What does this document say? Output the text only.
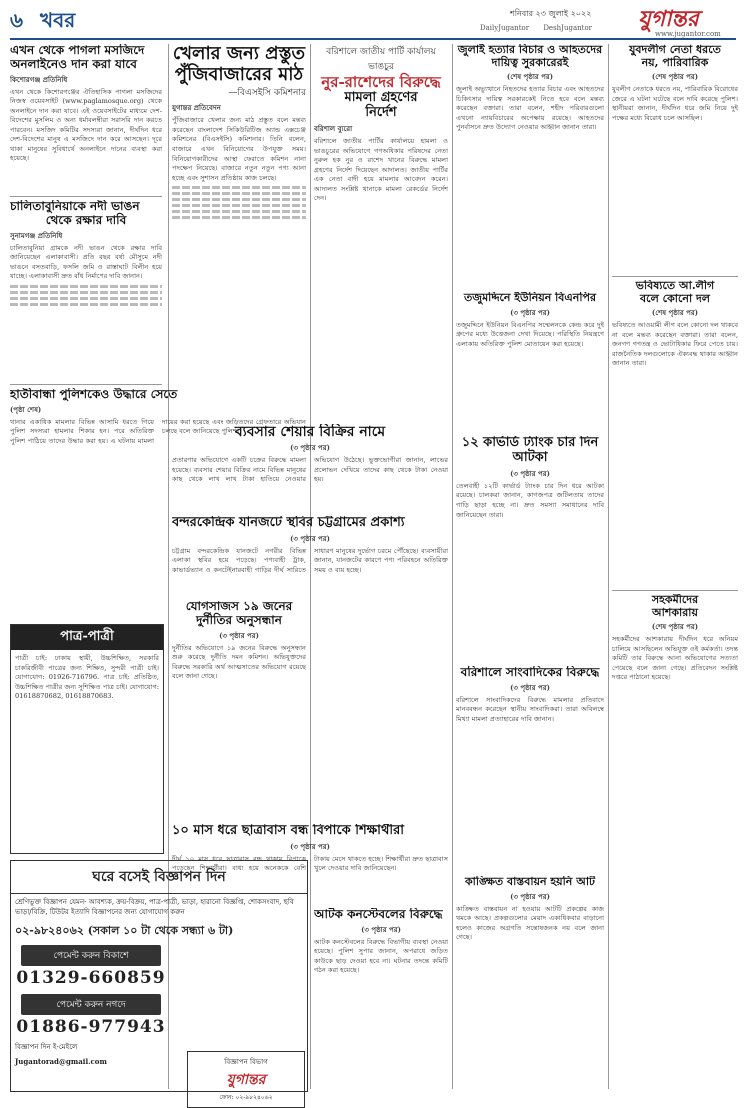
৬ খবর	শনিবার ২৩ জুলাই ২০২২ যুগান্তর
DailyJugantor DeshJugantor
www.jugantor.com
এখন থেকে পাগলা মসজিদে
অনলাইনেও দান করা যাবে
কিশোরগঞ্জ প্রতিনিধি
এখন থেকে কিশোরগঞ্জের ঐতিহাসিক পাগলা মসজিদের নিজস্ব ওয়েবসাইট (www.paglamosque.org) থেকে অনলাইনে দান করা যাবে। এই ওয়েবসাইটের মাধ্যমে দেশ-বিদেশের মুসলিম ও অন্য ধর্মাবলম্বীরা সরাসরি দান করতে পারবেন। মসজিদ কমিটির সদস্যরা জানান, দীর্ঘদিন ধরে দেশ-বিদেশের মানুষ এ মসজিদে দান করে আসছেন। দূরে থাকা মানুষের সুবিধার্থে অনলাইনে দানের ব্যবস্থা করা হয়েছে।
চালিতাবুনিয়াকে নদী ভাঙন
থেকে রক্ষার দাবি
সুনামগঞ্জ প্রতিনিধি
চালিতাবুনিয়া গ্রামকে নদী ভাঙন থেকে রক্ষার দাবি জানিয়েছেন এলাকাবাসী। প্রতি বছর বর্ষা মৌসুমে নদী ভাঙনে বসতবাড়ি, ফসলি জমি ও রাস্তাঘাট বিলীন হয়ে যাচ্ছে। এলাকাবাসী দ্রুত বাঁধ নির্মাণের দাবি জানান।
হাতীবান্ধা পুলিশকেও উদ্ধারে সেতে
(পৃষ্ঠা শেষ)
থানার একাধিক মামলার বিভিন্ন আসামি ধরতে গিয়ে পুলিশ সদস্যরা হামলার শিকার হন। পরে অতিরিক্ত পুলিশ পাঠিয়ে তাদের উদ্ধার করা হয়। এ ঘটনায় মামলা দায়ের করা হয়েছে এবং জড়িতদের গ্রেফতারে অভিযান চলছে বলে জানিয়েছে পুলিশ।
পাত্র-পাত্রী
পাত্রী চাই: ঢাকায় স্থায়ী, উচ্চশিক্ষিত, সরকারি চাকরিজীবী পাত্রের জন্য শিক্ষিত, সুন্দরী পাত্রী চাই। যোগাযোগ: 01926-716796. পাত্র চাই: প্রতিষ্ঠিত, উচ্চশিক্ষিত পাত্রীর জন্য সুশিক্ষিত পাত্র চাই। যোগাযোগ: 01618870682, 01618870683.
ঘরে বসেই বিজ্ঞাপন দিন
শ্রেণিভুক্ত বিজ্ঞাপন যেমন- আবশ্যক, ক্রয়-বিক্রয়, পাত্র-পাত্রী, ভাড়া, হারানো বিজ্ঞপ্তি, শোকসংবাদ, ছবি ভাড়া/বিক্রি, টিউটর ইত্যাদি বিজ্ঞাপনের জন্য যোগাযোগ করুন
০২-৯৮২৪০৬২ (সকাল ১০ টা থেকে সন্ধ্যা ৬ টা)
পেমেন্ট করুন বিকাশে
01329-660859
পেমেন্ট করুন নগদে
01886-977943
বিজ্ঞাপন দিন ই-মেইলে
Jugantorad@gmail.com	বিজ্ঞাপন বিভাগ
যুগান্তর
ফোন: ০২-৯৮২৪০৬২
খেলার জন্য প্রস্তুত
পুঁজিবাজারের মাঠ
—বিএসইসি কমিশনার
যুগান্তর প্রতিবেদন
পুঁজিবাজারে খেলার জন্য মাঠ প্রস্তুত বলে মন্তব্য করেছেন বাংলাদেশ সিকিউরিটিজ অ্যান্ড এক্সচেঞ্জ কমিশনের (বিএসইসি) কমিশনার। তিনি বলেন, বাজারে এখন বিনিয়োগের উপযুক্ত সময়। বিনিয়োগকারীদের আস্থা ফেরাতে কমিশন নানা পদক্ষেপ নিয়েছে। বাজারে নতুন নতুন পণ্য আনা হচ্ছে এবং সুশাসন প্রতিষ্ঠায় কাজ চলছে।
ব্যবসার শেয়ার বিক্রির নামে
(৩ পৃষ্ঠার পর)
প্রতারণার অভিযোগে একটি চক্রের বিরুদ্ধে মামলা হয়েছে। ব্যবসার শেয়ার বিক্রির নামে বিভিন্ন মানুষের কাছ থেকে লাখ লাখ টাকা হাতিয়ে নেওয়ার অভিযোগ উঠেছে। ভুক্তভোগীরা জানান, লাভের প্রলোভন দেখিয়ে তাদের কাছ থেকে টাকা নেওয়া হয়।
বন্দরকেন্দ্রিক যানজটে স্থবির চট্টগ্রামের প্রকাশ্য
(৩ পৃষ্ঠার পর)
চট্টগ্রাম বন্দরকেন্দ্রিক যানজটে নগরীর বিভিন্ন এলাকা স্থবির হয়ে পড়েছে। পণ্যবাহী ট্রাক, কাভার্ডভ্যান ও কনটেইনারবাহী গাড়ির দীর্ঘ সারিতে সাধারণ মানুষের দুর্ভোগ চরমে পৌঁছেছে। ব্যবসায়ীরা জানান, যানজটের কারণে পণ্য পরিবহনে অতিরিক্ত সময় ও ব্যয় হচ্ছে।
যোগসাজস ১৯ জনের
দুর্নীতির অনুসন্ধান
(৩ পৃষ্ঠার পর)
দুর্নীতির অভিযোগে ১৯ জনের বিরুদ্ধে অনুসন্ধান শুরু করেছে দুর্নীতি দমন কমিশন। অভিযুক্তদের বিরুদ্ধে সরকারি অর্থ আত্মসাতের অভিযোগ রয়েছে বলে জানা গেছে।
১০ মাস ধরে ছাত্রাবাস বন্ধ বিপাকে শিক্ষার্থীরা
(৩ পৃষ্ঠার পর)
দীর্ঘ ১০ মাস ধরে ছাত্রাবাস বন্ধ থাকায় বিপাকে পড়েছেন শিক্ষার্থীরা। বাধ্য হয়ে অনেককে বেশি টাকায় মেসে থাকতে হচ্ছে। শিক্ষার্থীরা দ্রুত ছাত্রাবাস খুলে দেওয়ার দাবি জানিয়েছেন।
আটক কনস্টেবলের বিরুদ্ধে
(৩ পৃষ্ঠার পর)
আটক কনস্টেবলের বিরুদ্ধে বিভাগীয় ব্যবস্থা নেওয়া হয়েছে। পুলিশ সুপার জানান, অপরাধে জড়িত কাউকে ছাড় দেওয়া হবে না। ঘটনার তদন্তে কমিটি গঠন করা হয়েছে।
বরিশালে জাতীয় পার্টি কার্যালয় ভাঙচুর
নুর-রাশেদের বিরুদ্ধে
মামলা গ্রহণের
নির্দেশ
বরিশাল ব্যুরো
বরিশালে জাতীয় পার্টির কার্যালয়ে হামলা ও ভাঙচুরের অভিযোগে গণঅধিকার পরিষদের নেতা নুরুল হক নুর ও রাশেদ খানের বিরুদ্ধে মামলা গ্রহণের নির্দেশ দিয়েছেন আদালত। জাতীয় পার্টির এক নেতা বাদী হয়ে মামলার আবেদন করেন। আদালত সংশ্লিষ্ট থানাকে মামলা রেকর্ডের নির্দেশ দেন।
জুলাই হত্যার বিচার ও আহতদের
দায়িত্ব সুরকারেরই
(শেষ পৃষ্ঠার পর)
জুলাই অভ্যুত্থানে নিহতদের হত্যার বিচার এবং আহতদের চিকিৎসার দায়িত্ব সরকারকেই নিতে হবে বলে মন্তব্য করেছেন বক্তারা। তারা বলেন, শহীদ পরিবারগুলো এখনো ন্যায়বিচারের অপেক্ষায় রয়েছে। আহতদের পুনর্বাসনে দ্রুত উদ্যোগ নেওয়ার আহ্বান জানান তারা।
তজুমদ্দিনে ইউনিয়ন বিএনপির
(৩ পৃষ্ঠার পর)
তজুমদ্দিনে ইউনিয়ন বিএনপির সম্মেলনকে কেন্দ্র করে দুই গ্রুপের মধ্যে উত্তেজনা দেখা দিয়েছে। পরিস্থিতি নিয়ন্ত্রণে এলাকায় অতিরিক্ত পুলিশ মোতায়েন করা হয়েছে।
১২ কার্ভার্ড ট্যাংক চার দিন আটকা
(৩ পৃষ্ঠার পর)
তেলবাহী ১২টি কার্ভার্ড ট্যাংক চার দিন ধরে আটকা রয়েছে। চালকরা জানান, কাগজপত্র জটিলতায় তাদের গাড়ি ছাড়া হচ্ছে না। দ্রুত সমস্যা সমাধানের দাবি জানিয়েছেন তারা।
বরিশালে সাংবাদিকের বিরুদ্ধে
(৩ পৃষ্ঠার পর)
বরিশালে সাংবাদিকদের বিরুদ্ধে মামলার প্রতিবাদে মানববন্ধন করেছেন স্থানীয় সাংবাদিকরা। তারা অবিলম্বে মিথ্যা মামলা প্রত্যাহারের দাবি জানান।
কাঙ্ক্ষিত বাস্তবায়ন হয়নি আট
(৩ পৃষ্ঠার পর)
কাঙ্ক্ষিত বাস্তবায়ন না হওয়ায় আটটি প্রকল্পের কাজ থমকে আছে। প্রকল্পগুলোর মেয়াদ একাধিকবার বাড়ানো হলেও কাজের অগ্রগতি সন্তোষজনক নয় বলে জানা গেছে।
যুবদলীগ নেতা ধরতে
নয়, পারিবারিক
(শেষ পৃষ্ঠার পর)
যুবলীগ নেতাকে ধরতে নয়, পারিবারিক বিরোধের জেরে এ ঘটনা ঘটেছে বলে দাবি করেছে পুলিশ। স্থানীয়রা জানান, দীর্ঘদিন ধরে জমি নিয়ে দুই পক্ষের মধ্যে বিরোধ চলে আসছিল।
ভবিষ্যতে আ.লীগ
বলে কোনো দল
(শেষ পৃষ্ঠার পর)
ভবিষ্যতে আওয়ামী লীগ বলে কোনো দল থাকবে না বলে মন্তব্য করেছেন বক্তারা। তারা বলেন, জনগণ গণতন্ত্র ও ভোটাধিকার ফিরে পেতে চায়। রাজনৈতিক দলগুলোকে ঐক্যবদ্ধ থাকার আহ্বান জানান তারা।
সহকর্মীদের
আশকারায়
(শেষ পৃষ্ঠার পর)
সহকর্মীদের আশকারায় দীর্ঘদিন ধরে অনিয়ম চালিয়ে আসছিলেন অভিযুক্ত ওই কর্মকর্তা। তদন্ত কমিটি তার বিরুদ্ধে আনা অভিযোগের সত্যতা পেয়েছে বলে জানা গেছে। প্রতিবেদন সংশ্লিষ্ট দপ্তরে পাঠানো হয়েছে।
